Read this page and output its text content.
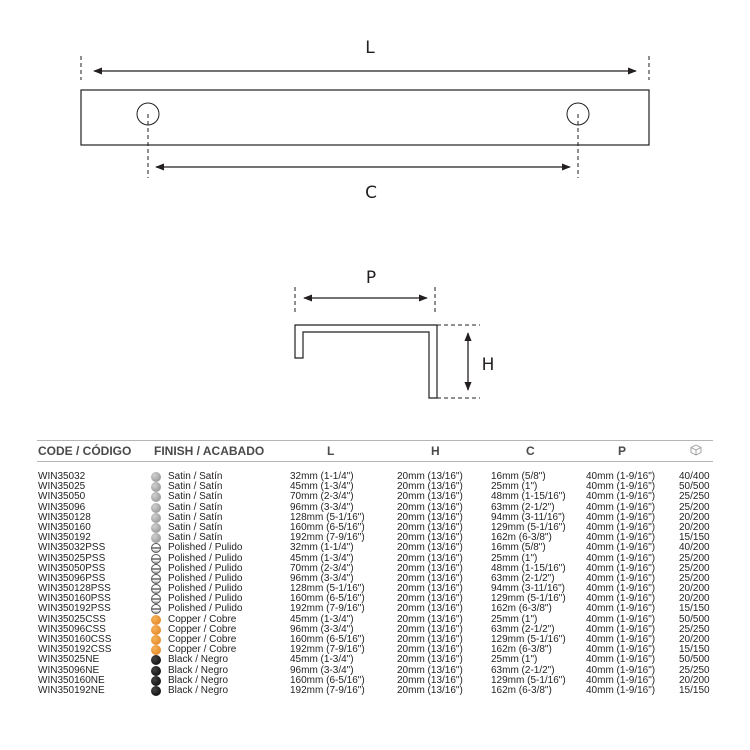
L
C
P
H
CODE / CÓDIGO FINISH / ACABADO	L	H	C	P
WIN35032	Satin / Satín	32mm (1-1/4")	20mm (13/16")	16mm (5/8")	40mm (1-9/16") 40/400
WIN35025	Satin / Satín	45mm (1-3/4")	20mm (13/16")	25mm (1")	40mm (1-9/16") 50/500
WIN35050	Satin / Satín	70mm (2-3/4")	20mm (13/16")	48mm (1-15/16") 40mm (1-9/16") 25/250
WIN35096	Satin / Satín	96mm (3-3/4")	20mm (13/16")	63mm (2-1/2")	40mm (1-9/16") 25/200
WIN350128	Satin / Satín	128mm (5-1/16")	20mm (13/16")	94mm (3-11/16") 40mm (1-9/16") 20/200
WIN350160	Satin / Satín	160mm (6-5/16")	20mm (13/16")	129mm (5-1/16") 40mm (1-9/16") 20/200
WIN350192	Satin / Satín	192mm (7-9/16")	20mm (13/16")	162m (6-3/8")	40mm (1-9/16") 15/150
WIN35032PSS	Polished / Pulido	32mm (1-1/4")	20mm (13/16")	16mm (5/8")	40mm (1-9/16") 40/200
WIN35025PSS	Polished / Pulido	45mm (1-3/4")	20mm (13/16")	25mm (1")	40mm (1-9/16") 25/200
WIN35050PSS	Polished / Pulido	70mm (2-3/4")	20mm (13/16")	48mm (1-15/16") 40mm (1-9/16") 25/200
WIN35096PSS	Polished / Pulido	96mm (3-3/4")	20mm (13/16")	63mm (2-1/2")	40mm (1-9/16") 25/200
WIN350128PSS	Polished / Pulido	128mm (5-1/16")	20mm (13/16")	94mm (3-11/16") 40mm (1-9/16") 20/200
WIN350160PSS	Polished / Pulido	160mm (6-5/16")	20mm (13/16")	129mm (5-1/16") 40mm (1-9/16") 20/200
WIN350192PSS	Polished / Pulido	192mm (7-9/16")	20mm (13/16")	162m (6-3/8")	40mm (1-9/16") 15/150
WIN35025CSS	Copper / Cobre	45mm (1-3/4")	20mm (13/16")	25mm (1")	40mm (1-9/16") 50/500
WIN35096CSS	Copper / Cobre	96mm (3-3/4")	20mm (13/16")	63mm (2-1/2")	40mm (1-9/16") 25/250
WIN350160CSS	Copper / Cobre	160mm (6-5/16")	20mm (13/16")	129mm (5-1/16") 40mm (1-9/16") 20/200
WIN350192CSS	Copper / Cobre	192mm (7-9/16")	20mm (13/16")	162m (6-3/8")	40mm (1-9/16") 15/150
WIN35025NE	Black / Negro	45mm (1-3/4")	20mm (13/16")	25mm (1")	40mm (1-9/16") 50/500
WIN35096NE	Black / Negro	96mm (3-3/4")	20mm (13/16")	63mm (2-1/2")	40mm (1-9/16") 25/250
WIN350160NE	Black / Negro	160mm (6-5/16")	20mm (13/16")	129mm (5-1/16") 40mm (1-9/16") 20/200
WIN350192NE	Black / Negro	192mm (7-9/16")	20mm (13/16")	162m (6-3/8")	40mm (1-9/16") 15/150
